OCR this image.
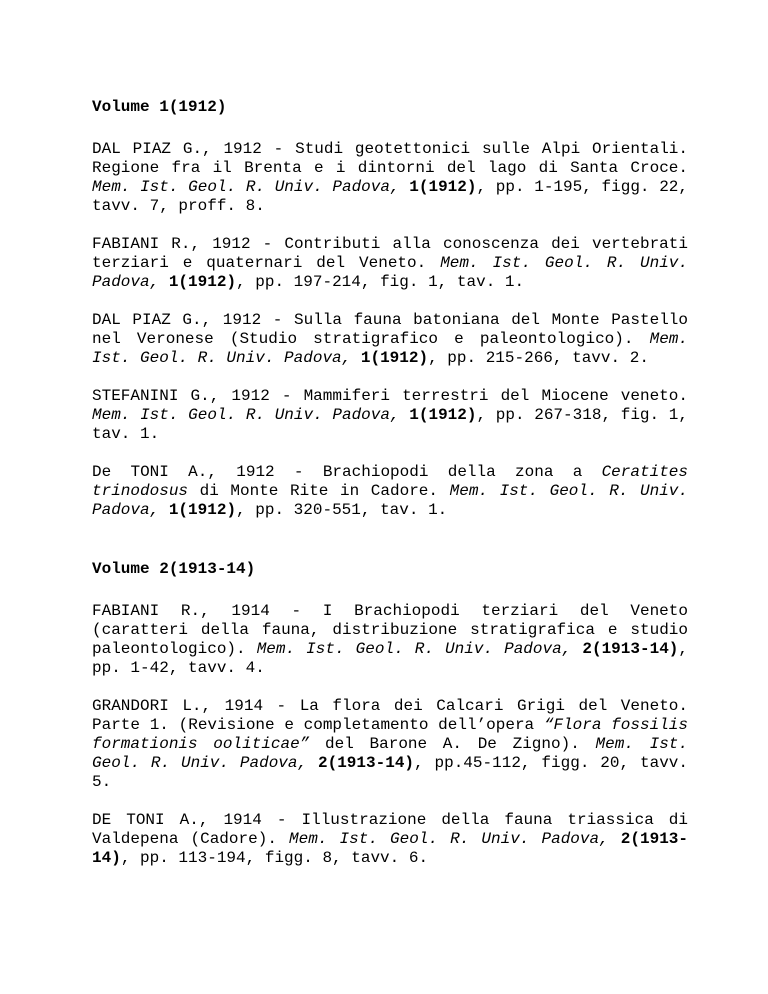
Volume 1(1912)

DAL PIAZ G., 1912 - Studi geotettonici sulle Alpi Orientali. Regione fra il Brenta e i dintorni del lago di Santa Croce. Mem. Ist. Geol. R. Univ. Padova, 1(1912), pp. 1-195, figg. 22, tavv. 7, proff. 8.

FABIANI R., 1912 - Contributi alla conoscenza dei vertebrati terziari e quaternari del Veneto. Mem. Ist. Geol. R. Univ. Padova, 1(1912), pp. 197-214, fig. 1, tav. 1.

DAL PIAZ G., 1912 - Sulla fauna batoniana del Monte Pastello nel Veronese (Studio stratigrafico e paleontologico). Mem. Ist. Geol. R. Univ. Padova, 1(1912), pp. 215-266, tavv. 2.

STEFANINI G., 1912 - Mammiferi terrestri del Miocene veneto. Mem. Ist. Geol. R. Univ. Padova, 1(1912), pp. 267-318, fig. 1, tav. 1.

De TONI A., 1912 - Brachiopodi della zona a Ceratites trinodosus di Monte Rite in Cadore. Mem. Ist. Geol. R. Univ. Padova, 1(1912), pp. 320-551, tav. 1.

Volume 2(1913-14)

FABIANI R., 1914 - I Brachiopodi terziari del Veneto (caratteri della fauna, distribuzione stratigrafica e studio paleontologico). Mem. Ist. Geol. R. Univ. Padova, 2(1913-14), pp. 1-42, tavv. 4.

GRANDORI L., 1914 - La flora dei Calcari Grigi del Veneto. Parte 1. (Revisione e completamento dell’opera “Flora fossilis formationis ooliticae” del Barone A. De Zigno). Mem. Ist. Geol. R. Univ. Padova, 2(1913-14), pp.45-112, figg. 20, tavv. 5.

DE TONI A., 1914 - Illustrazione della fauna triassica di Valdepena (Cadore). Mem. Ist. Geol. R. Univ. Padova, 2(1913-14), pp. 113-194, figg. 8, tavv. 6.
